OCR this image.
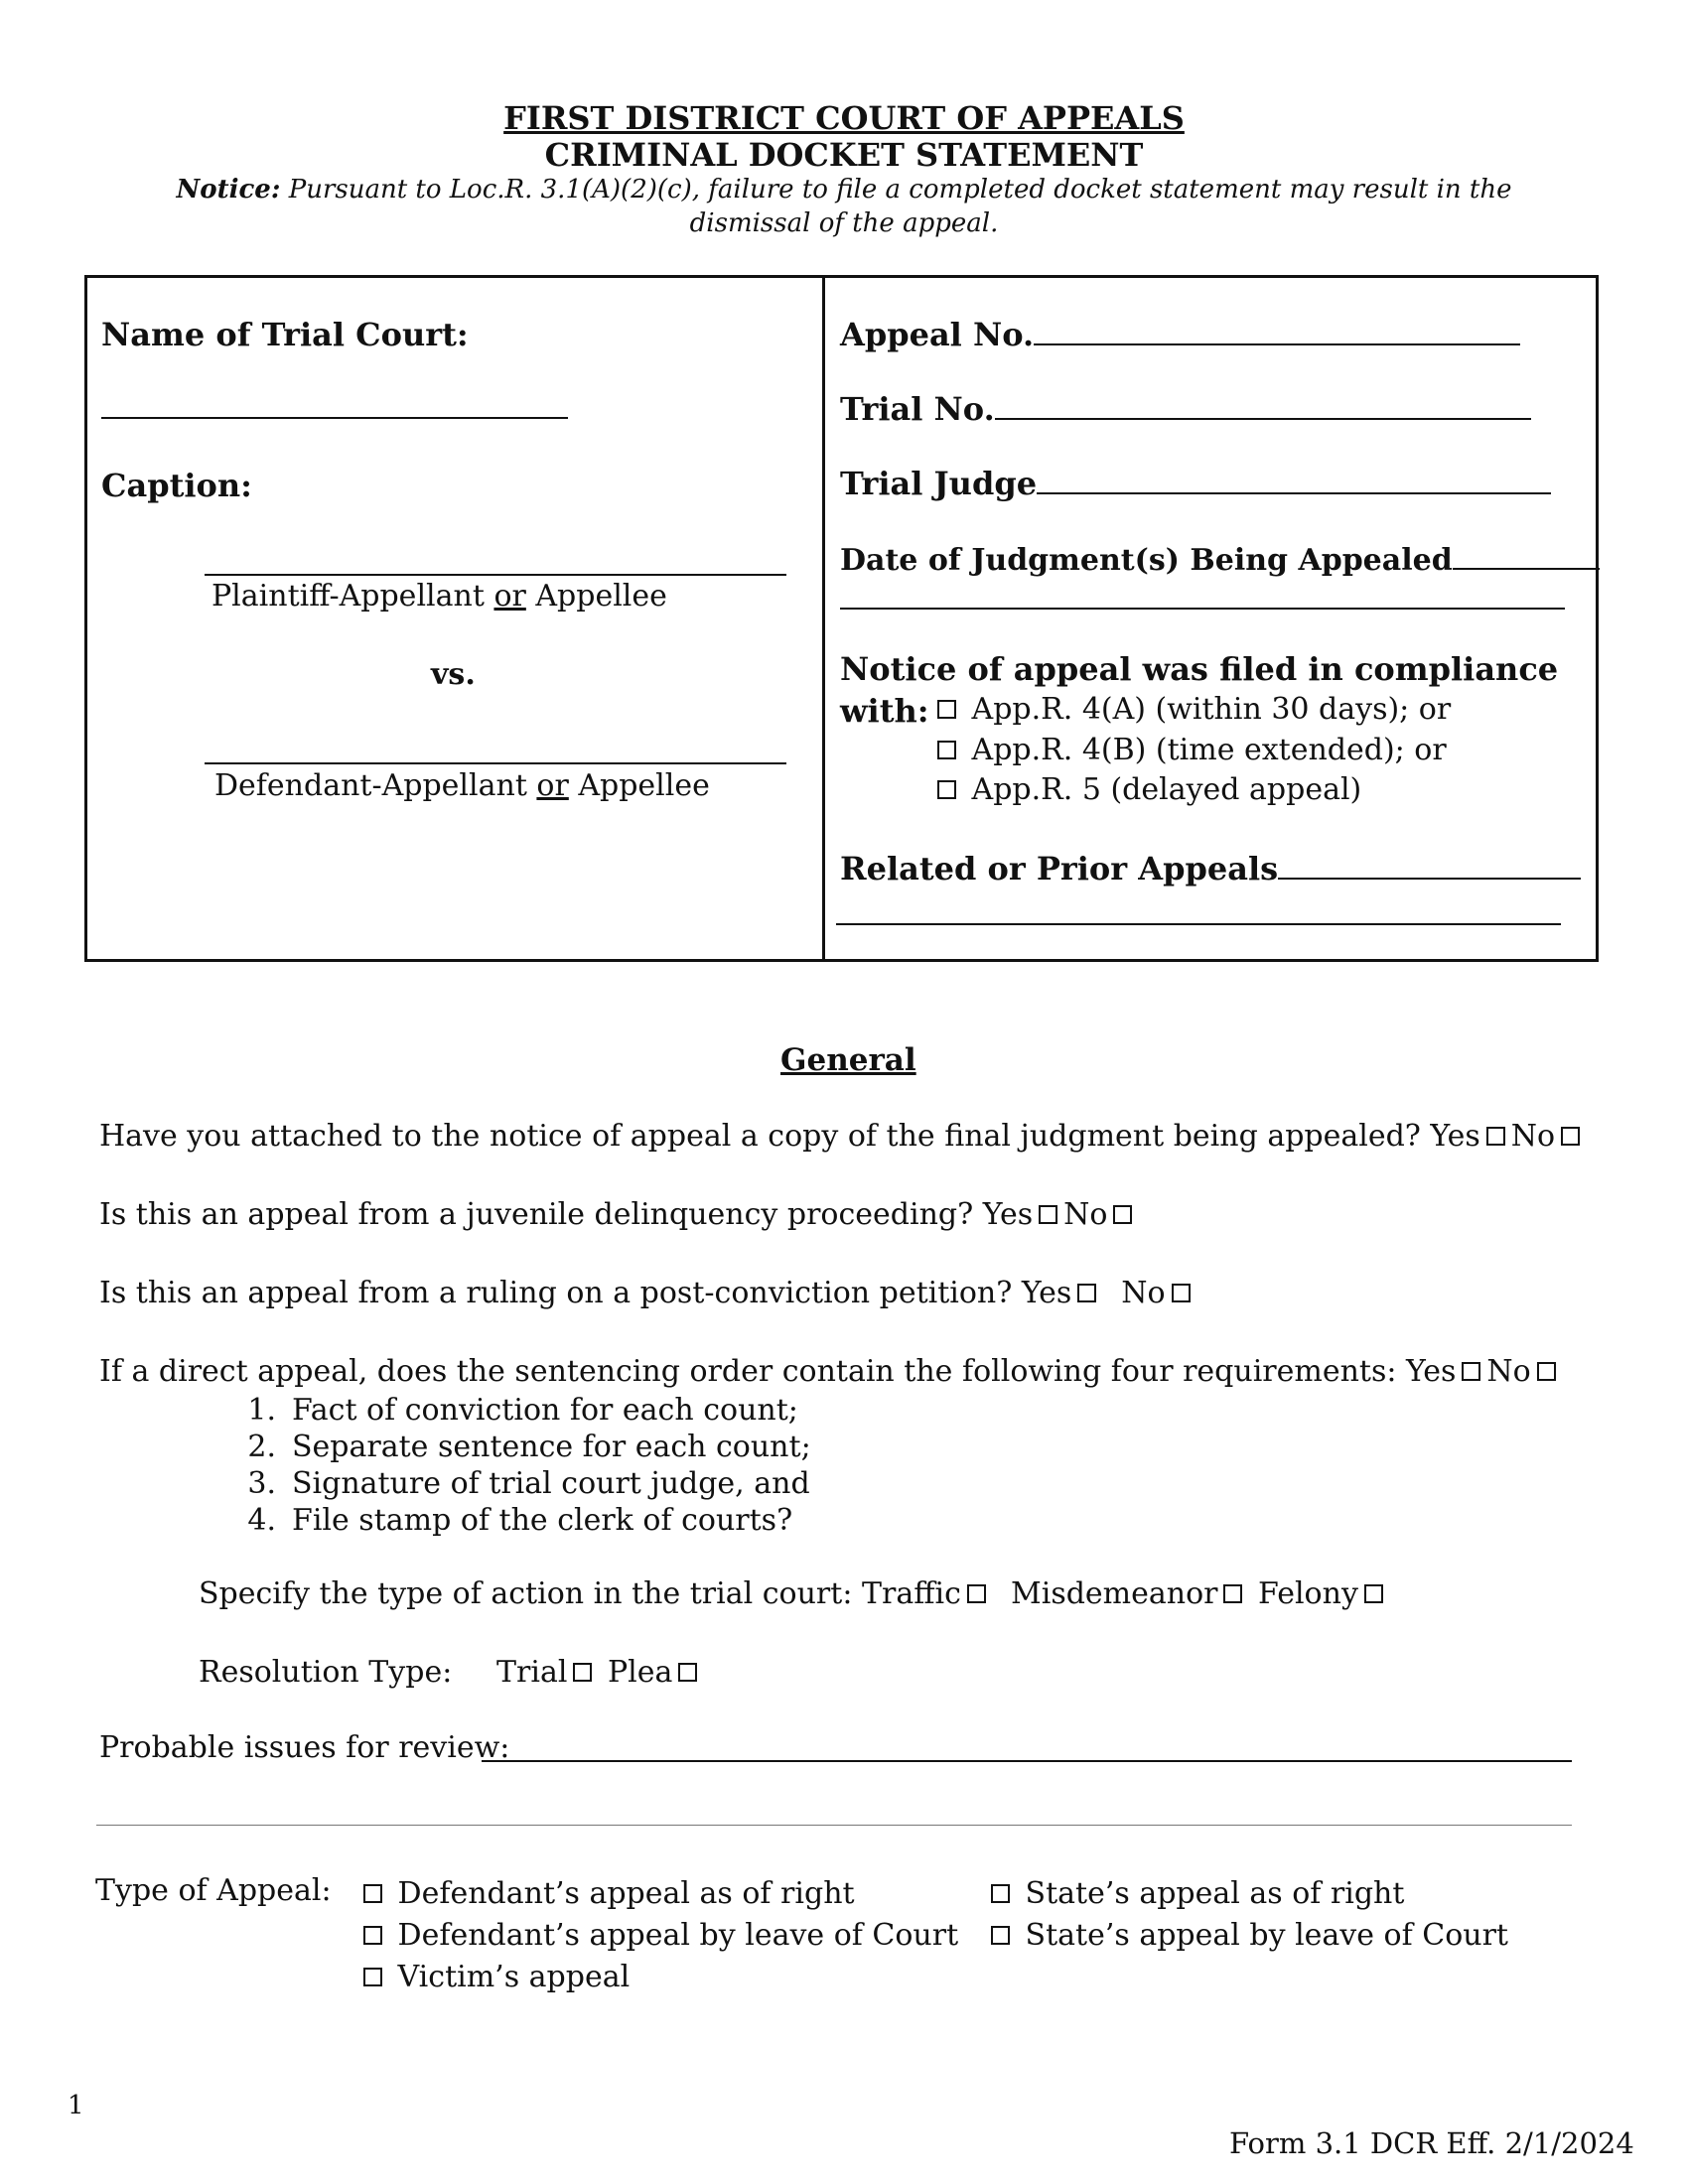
FIRST DISTRICT COURT OF APPEALS
CRIMINAL DOCKET STATEMENT
Notice: Pursuant to Loc.R. 3.1(A)(2)(c), failure to file a completed docket statement may result in the dismissal of the appeal.
Name of Trial Court:
Caption:
Plaintiff-Appellant or Appellee
vs.
Defendant-Appellant or Appellee
Appeal No.
Trial No.
Trial Judge
Date of Judgment(s) Being Appealed
Notice of appeal was filed in compliance
with:	App.R. 4(A) (within 30 days); or
App.R. 4(B) (time extended); or
App.R. 5 (delayed appeal)
Related or Prior Appeals
General
Have you attached to the notice of appeal a copy of the final judgment being appealed? Yes No
Is this an appeal from a juvenile delinquency proceeding? Yes No
Is this an appeal from a ruling on a post-conviction petition? Yes No
If a direct appeal, does the sentencing order contain the following four requirements: Yes No
1. Fact of conviction for each count;
2. Separate sentence for each count;
3. Signature of trial court judge, and
4. File stamp of the clerk of courts?
Specify the type of action in the trial court: Traffic Misdemeanor Felony
Resolution Type: Trial Plea
Probable issues for review:
Type of Appeal:	Defendant’s appeal as of right
Defendant’s appeal by leave of Court
Victim’s appeal
State’s appeal as of right
State’s appeal by leave of Court
1
Form 3.1 DCR Eff. 2/1/2024
